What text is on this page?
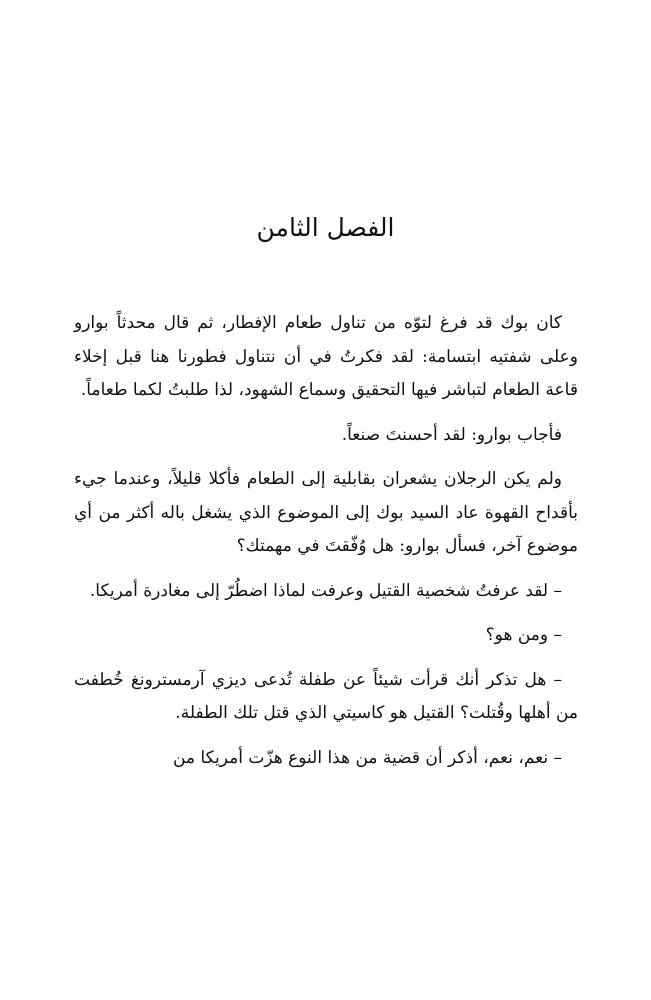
الفصل الثامن

كان بوك قد فرغ لتوّه من تناول طعام الإفطار، ثم قال محدثاً بوارو وعلى شفتيه ابتسامة: لقد فكرتُ في أن نتناول فطورنا هنا قبل إخلاء قاعة الطعام لتباشر فيها التحقيق وسماع الشهود، لذا طلبتُ لكما طعاماً.

فأجاب بوارو: لقد أحسنتَ صنعاً.

ولم يكن الرجلان يشعران بقابلية إلى الطعام فأكلا قليلاً، وعندما جيء بأقداح القهوة عاد السيد بوك إلى الموضوع الذي يشغل باله أكثر من أي موضوع آخر، فسأل بوارو: هل وُفّقتَ في مهمتك؟

– لقد عرفتُ شخصية القتيل وعرفت لماذا اضطُرّ إلى مغادرة أمريكا.

– ومن هو؟

– هل تذكر أنك قرأت شيئاً عن طفلة تُدعى ديزي آرمسترونغ خُطفت من أهلها وقُتلت؟ القتيل هو كاسيتي الذي قتل تلك الطفلة.

– نعم، نعم، أذكر أن قضية من هذا النوع هزّت أمريكا من
